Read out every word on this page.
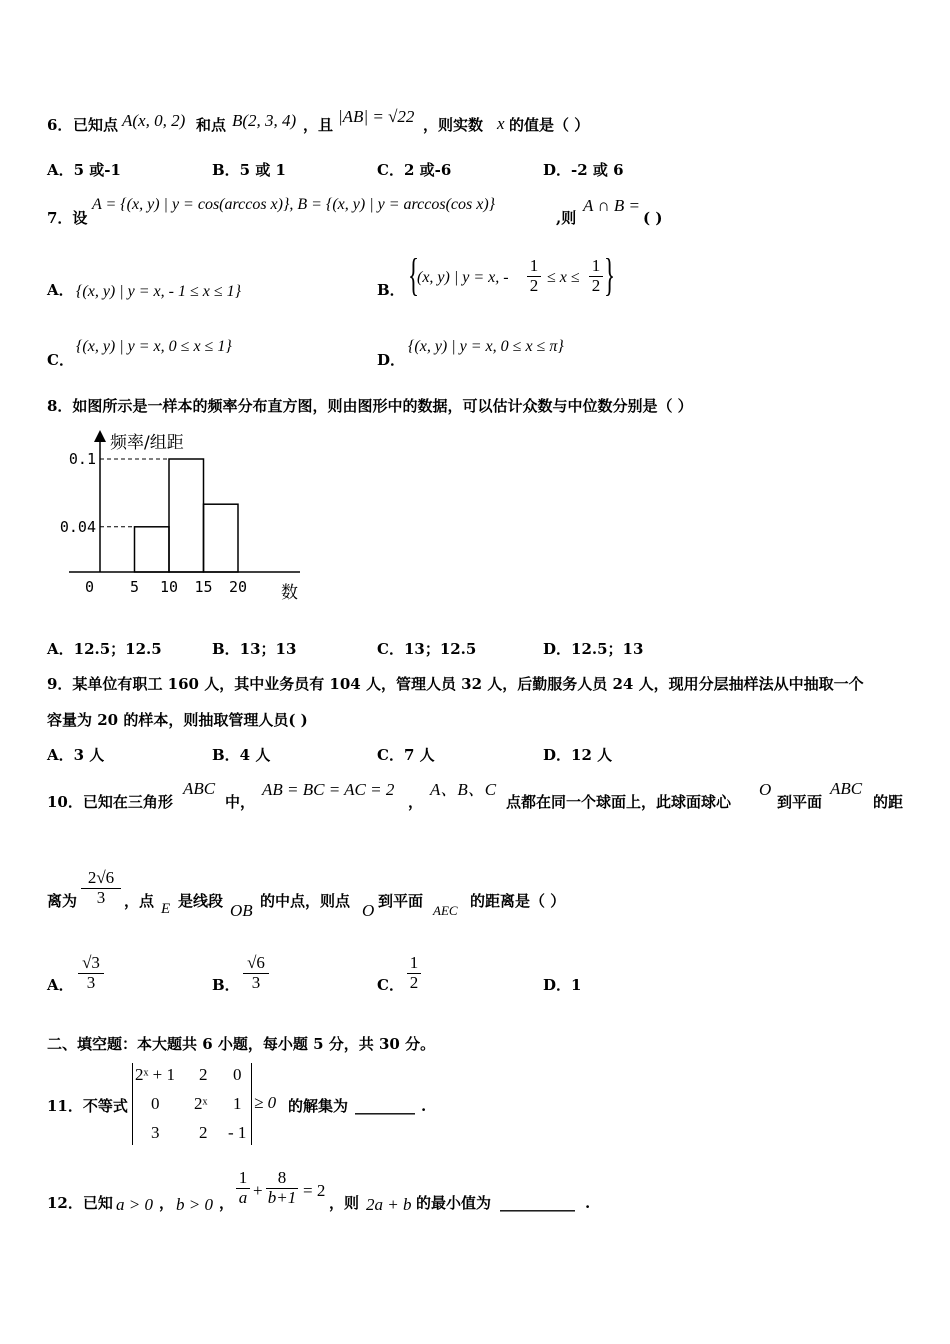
6． 已知点 A(x, 0, 2) 和点 B(2, 3, 4) ，且 |AB| = √22 ，则实数 x 的值是（ ）
A．5 或-1	B．5 或 1	C．2 或-6	D．-2 或 6
7．设
A = {(x, y) | y = cos(arccos x)}, B = {(x, y) | y = arccos(cos x)}
,则
A ∩ B =
( )
A． {(x, y) | y = x, - 1 ≤ x ≤ 1}	B． {
(x, y) | y = x, -
1
2 ≤ x ≤
1
2 }
C．
{(x, y) | y = x, 0 ≤ x ≤ 1}
D．
{(x, y) | y = x, 0 ≤ x ≤ π}
8．如图所示是一样本的频率分布直方图，则由图形中的数据，可以估计众数与中位数分别是（ ）
频率/组距
数
0 5 10 15 20
0.1
0.04
A．12.5；12.5	B．13；13	C．13；12.5	D．12.5；13
9．某单位有职工 160 人，其中业务员有 104 人，管理人员 32 人，后勤服务人员 24 人，现用分层抽样法从中抽取一个
容量为 20 的样本，则抽取管理人员( )
A．3 人	B．4 人	C．7 人	D．12 人
10．已知在三角形
ABC
中，
AB = BC = AC = 2
，
A、B、C
点都在同一个球面上，此球面球心
O
到平面
ABC
的距
离为
2√6
3 ，点 E 是线段 OB 的中点，则点 O 到平面
AEC
的距离是（ ）
A．
√3
3	B．
√6
3	C．
1
2	D．1
二、填空题：本大题共 6 小题，每小题 5 分，共 30 分。
11．不等式
2ˣ + 1 2 0
0 2ˣ 1
3 2 - 1
≥ 0 的解集为 ________ .
12．已知 a > 0 ， b > 0 ，
1
a +
8
b+1 = 2
，则 2a + b 的最小值为 __________ .
